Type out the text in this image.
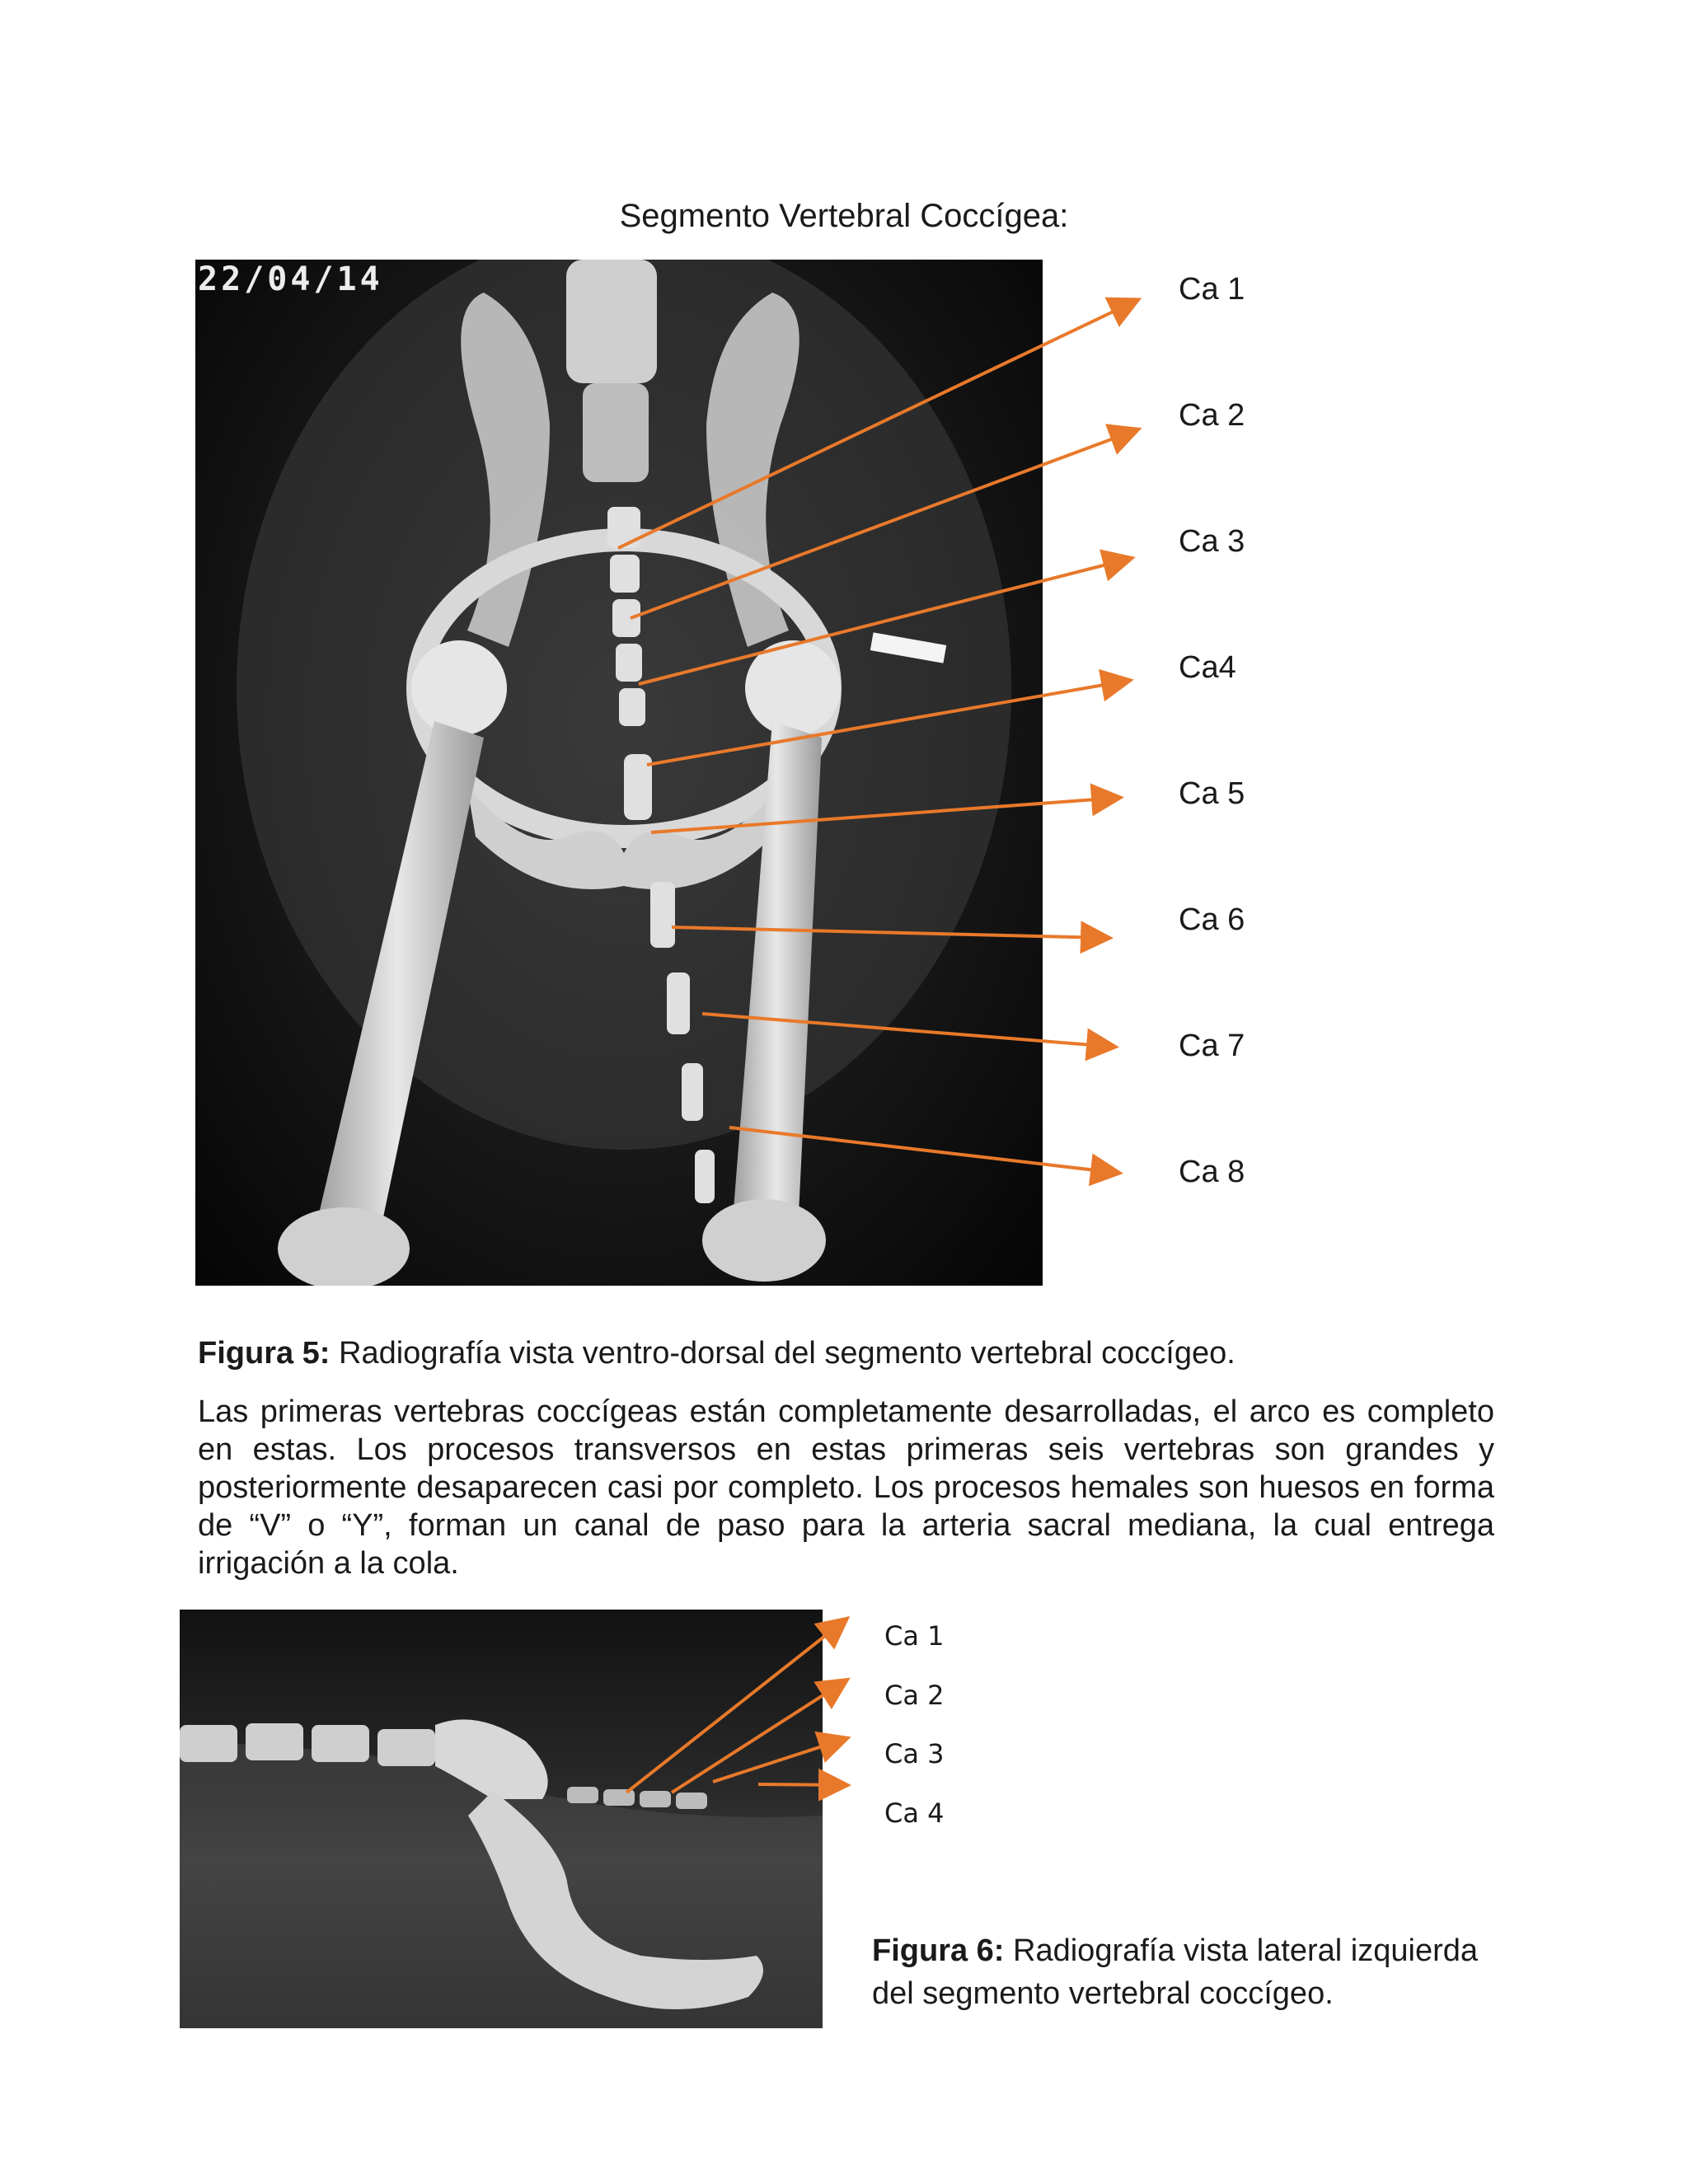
Segmento Vertebral Coccígea:
22/04/14	Ca 1
Ca 2
Ca 3
Ca4
Ca 5
Ca 6
Ca 7
Ca 8
Ca 1
Ca 2
Ca 3
Ca 4
Figura 5: Radiografía vista ventro-dorsal del segmento vertebral coccígeo.
Las primeras vertebras coccígeas están completamente desarrolladas, el arco es completo en estas. Los procesos transversos en estas primeras seis vertebras son grandes y posteriormente desaparecen casi por completo. Los procesos hemales son huesos en forma de “V” o “Y”, forman un canal de paso para la arteria sacral mediana, la cual entrega irrigación a la cola.
Figura 6: Radiografía vista lateral izquierda del segmento vertebral coccígeo.
